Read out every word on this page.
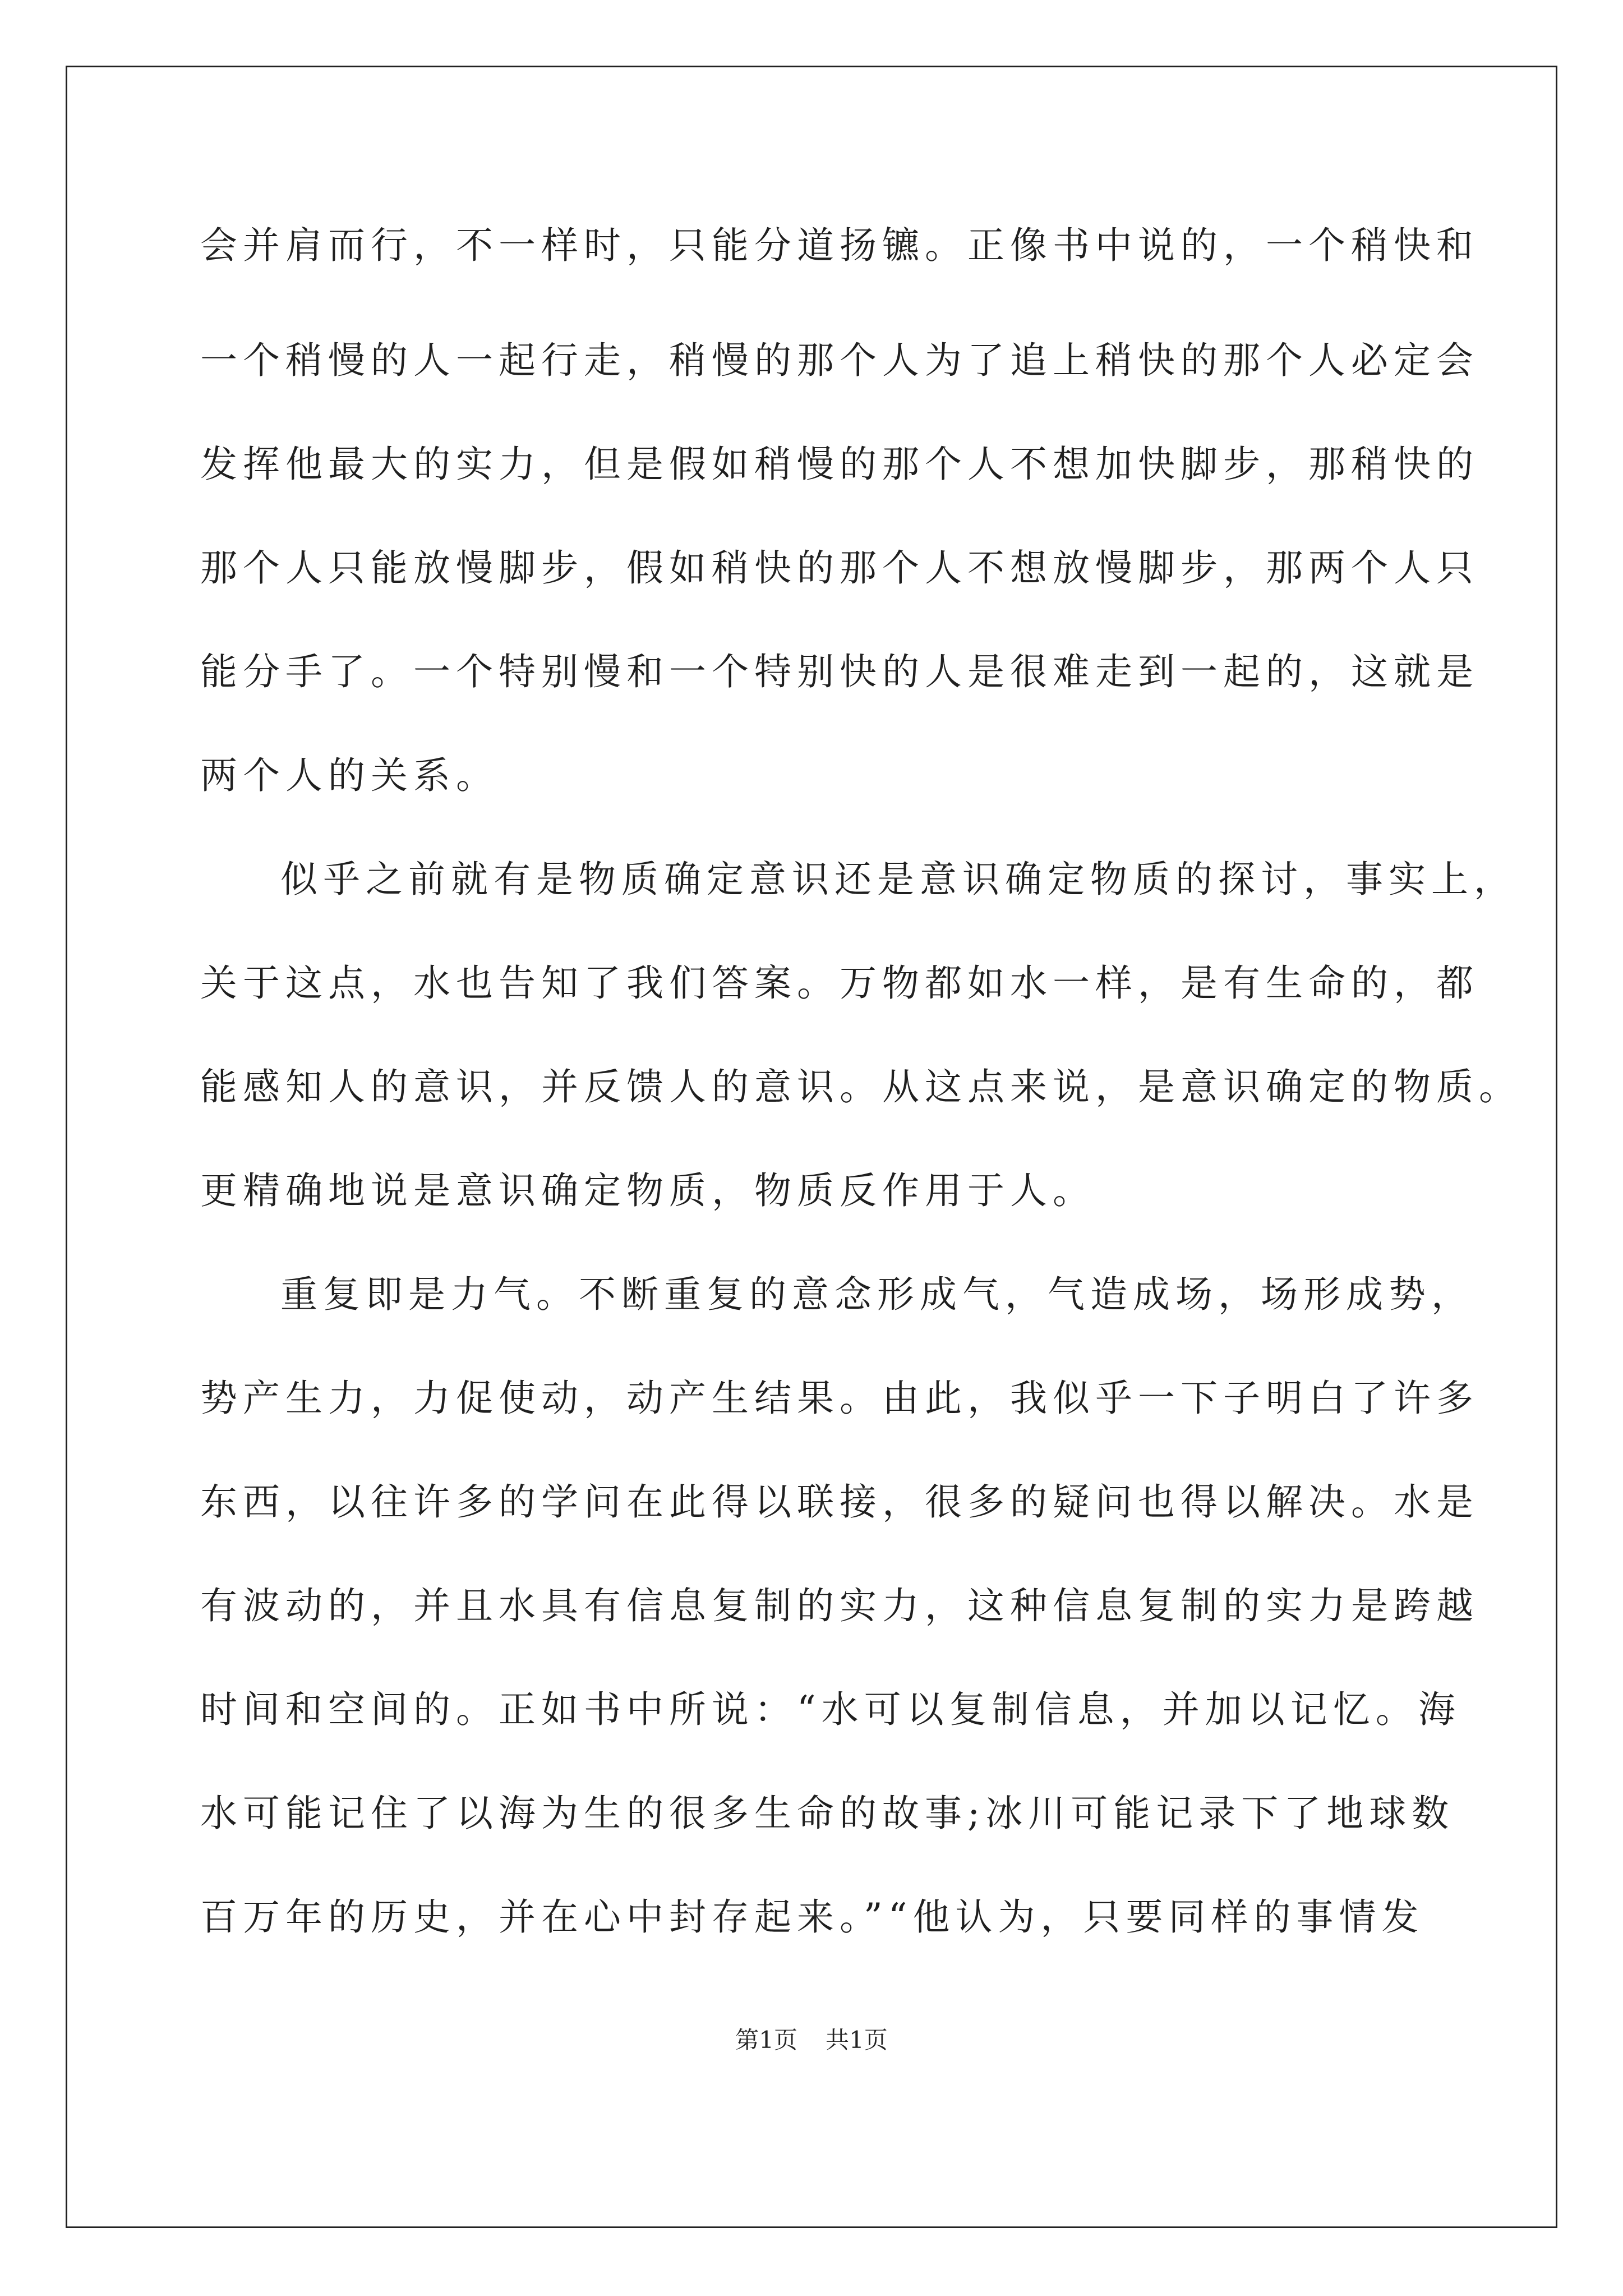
会并肩而行，不一样时，只能分道扬镳。正像书中说的，一个稍快和
一个稍慢的人一起行走，稍慢的那个人为了追上稍快的那个人必定会
发挥他最大的实力，但是假如稍慢的那个人不想加快脚步，那稍快的
那个人只能放慢脚步，假如稍快的那个人不想放慢脚步，那两个人只
能分手了。一个特别慢和一个特别快的人是很难走到一起的，这就是
两个人的关系。
似乎之前就有是物质确定意识还是意识确定物质的探讨，事实上，
关于这点，水也告知了我们答案。万物都如水一样，是有生命的，都
能感知人的意识，并反馈人的意识。从这点来说，是意识确定的物质。
更精确地说是意识确定物质，物质反作用于人。
重复即是力气。不断重复的意念形成气，气造成场，场形成势，
势产生力，力促使动，动产生结果。由此，我似乎一下子明白了许多
东西，以往许多的学问在此得以联接，很多的疑问也得以解决。水是
有波动的，并且水具有信息复制的实力，这种信息复制的实力是跨越
时间和空间的。正如书中所说：“水可以复制信息，并加以记忆。海
水可能记住了以海为生的很多生命的故事;冰川可能记录下了地球数
百万年的历史，并在心中封存起来。”“他认为，只要同样的事情发
第1页 共1页
